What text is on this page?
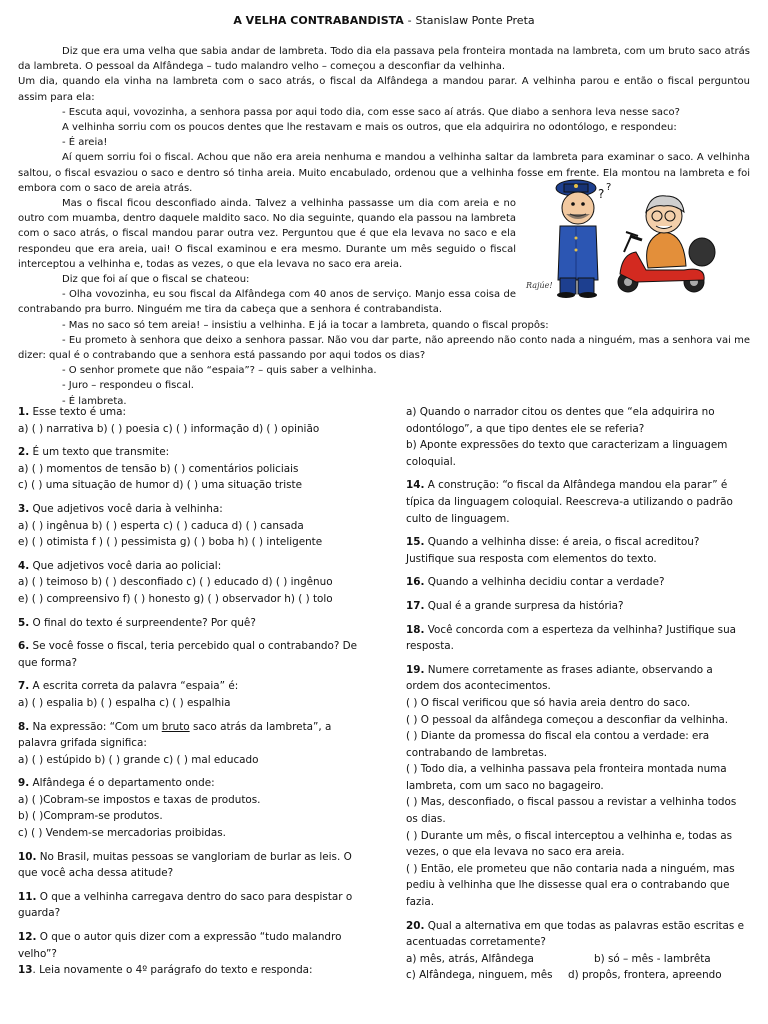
A VELHA CONTRABANDISTA - Stanislaw Ponte Preta

Diz que era uma velha que sabia andar de lambreta. Todo dia ela passava pela fronteira montada na lambreta, com um bruto saco atrás da lambreta. O pessoal da Alfândega – tudo malandro velho – começou a desconfiar da velhinha.

Um dia, quando ela vinha na lambreta com o saco atrás, o fiscal da Alfândega a mandou parar. A velhinha parou e então o fiscal perguntou assim para ela:

- Escuta aqui, vovozinha, a senhora passa por aqui todo dia, com esse saco aí atrás. Que diabo a senhora leva nesse saco?

A velhinha sorriu com os poucos dentes que lhe restavam e mais os outros, que ela adquirira no odontólogo, e respondeu:

- É areia!

Aí quem sorriu foi o fiscal. Achou que não era areia nenhuma e mandou a velhinha saltar da lambreta para examinar o saco. A velhinha saltou, o fiscal esvaziou o saco e dentro só tinha areia. Muito encabulado, ordenou que a velhinha fosse em frente. Ela montou na lambreta e foi embora com o saco de areia atrás.

Mas o fiscal ficou desconfiado ainda. Talvez a velhinha passasse um dia com areia e no outro com muamba, dentro daquele maldito saco. No dia seguinte, quando ela passou na lambreta com o saco atrás, o fiscal mandou parar outra vez. Perguntou que é que ela levava no saco e ela respondeu que era areia, uai! O fiscal examinou e era mesmo. Durante um mês seguido o fiscal interceptou a velhinha e, todas as vezes, o que ela levava no saco era areia.

Diz que foi aí que o fiscal se chateou:

- Olha vovozinha, eu sou fiscal da Alfândega com 40 anos de serviço. Manjo essa coisa de contrabando pra burro. Ninguém me tira da cabeça que a senhora é contrabandista.

- Mas no saco só tem areia! – insistiu a velhinha. E já ia tocar a lambreta, quando o fiscal propôs:

- Eu prometo à senhora que deixo a senhora passar. Não vou dar parte, não apreendo não conto nada a ninguém, mas a senhora vai me dizer: qual é o contrabando que a senhora está passando por aqui todos os dias?

- O senhor promete que não “espaia”? – quis saber a velhinha.

- Juro – respondeu o fiscal.

- É lambreta.

? ?
Rajúe!
1. Esse texto é uma:
a) ( ) narrativa b) ( ) poesia c) ( ) informação d) ( ) opinião
2. É um texto que transmite:
a) ( ) momentos de tensão b) ( ) comentários policiais
c) ( ) uma situação de humor d) ( ) uma situação triste
3. Que adjetivos você daria à velhinha:
a) ( ) ingênua b) ( ) esperta c) ( ) caduca d) ( ) cansada
e) ( ) otimista f ) ( ) pessimista g) ( ) boba h) ( ) inteligente
4. Que adjetivos você daria ao policial:
a) ( ) teimoso b) ( ) desconfiado c) ( ) educado d) ( ) ingênuo
e) ( ) compreensivo f) ( ) honesto g) ( ) observador h) ( ) tolo
5. O final do texto é surpreendente? Por quê?
6. Se você fosse o fiscal, teria percebido qual o contrabando? De que forma?
7. A escrita correta da palavra “espaia” é:
a) ( ) espalia b) ( ) espalha c) ( ) espalhia
8. Na expressão: “Com um bruto saco atrás da lambreta”, a palavra grifada significa:
a) ( ) estúpido b) ( ) grande c) ( ) mal educado
9. Alfândega é o departamento onde:
a) ( )Cobram-se impostos e taxas de produtos.
b) ( )Compram-se produtos.
c) ( ) Vendem-se mercadorias proibidas.
10. No Brasil, muitas pessoas se vangloriam de burlar as leis. O que você acha dessa atitude?
11. O que a velhinha carregava dentro do saco para despistar o guarda?
12. O que o autor quis dizer com a expressão “tudo malandro velho”?
13. Leia novamente o 4º parágrafo do texto e responda:
a) Quando o narrador citou os dentes que “ela adquirira no odontólogo”, a que tipo dentes ele se referia?
b) Aponte expressões do texto que caracterizam a linguagem coloquial.
14. A construção: “o fiscal da Alfândega mandou ela parar” é típica da linguagem coloquial. Reescreva-a utilizando o padrão culto de linguagem.
15. Quando a velhinha disse: é areia, o fiscal acreditou? Justifique sua resposta com elementos do texto.
16. Quando a velhinha decidiu contar a verdade?
17. Qual é a grande surpresa da história?
18. Você concorda com a esperteza da velhinha? Justifique sua resposta.
19. Numere corretamente as frases adiante, observando a ordem dos acontecimentos.
( ) O fiscal verificou que só havia areia dentro do saco.
( ) O pessoal da alfândega começou a desconfiar da velhinha.
( ) Diante da promessa do fiscal ela contou a verdade: era contrabando de lambretas.
( ) Todo dia, a velhinha passava pela fronteira montada numa lambreta, com um saco no bagageiro.
( ) Mas, desconfiado, o fiscal passou a revistar a velhinha todos os dias.
( ) Durante um mês, o fiscal interceptou a velhinha e, todas as vezes, o que ela levava no saco era areia.
( ) Então, ele prometeu que não contaria nada a ninguém, mas pediu à velhinha que lhe dissesse qual era o contrabando que fazia.
20. Qual a alternativa em que todas as palavras estão escritas e acentuadas corretamente?
a) mês, atrás, Alfândega	b) só – mês - lambrêta
c) Alfândega, ninguem, mês	d) propôs, frontera, apreendo
